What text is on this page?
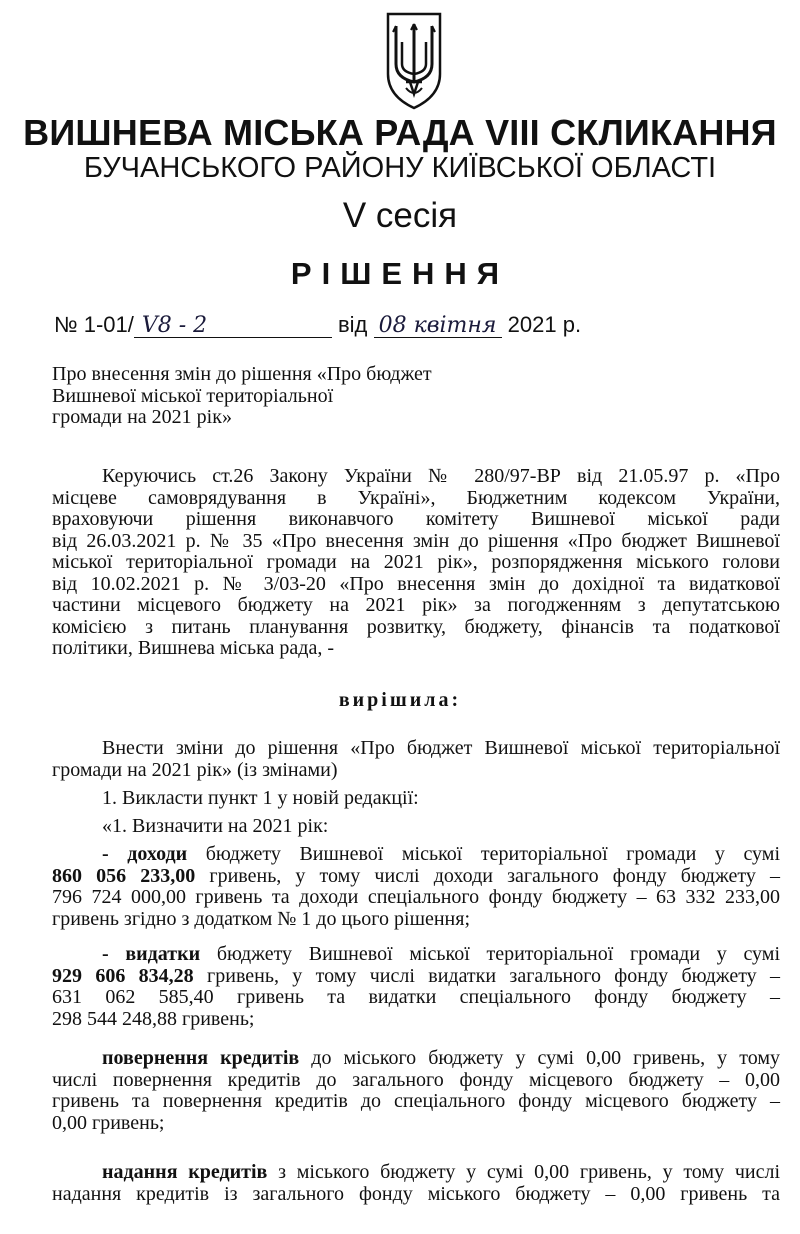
ВИШНЕВА МІСЬКА РАДА VIII СКЛИКАННЯ
БУЧАНСЬКОГО РАЙОНУ КИЇВСЬКОЇ ОБЛАСТІ
V сесія
РІШЕННЯ
№ 1-01/ V8 - 2	від 08 квітня 2021 р.
Про внесення змін до рішення «Про бюджет
Вишневої міської територіальної
громади на 2021 рік»
Керуючись ст.26 Закону України № 280/97-ВР від 21.05.97 р. «Про
місцеве самоврядування в Україні», Бюджетним кодексом України,
враховуючи рішення виконавчого комітету Вишневої міської ради
від 26.03.2021 р. № 35 «Про внесення змін до рішення «Про бюджет Вишневої
міської територіальної громади на 2021 рік», розпорядження міського голови
від 10.02.2021 р. № 3/03-20 «Про внесення змін до дохідної та видаткової
частини місцевого бюджету на 2021 рік» за погодженням з депутатською
комісією з питань планування розвитку, бюджету, фінансів та податкової
політики, Вишнева міська рада, -
вирішила:
Внести зміни до рішення «Про бюджет Вишневої міської територіальної
громади на 2021 рік» (із змінами)
1. Викласти пункт 1 у новій редакції:
«1. Визначити на 2021 рік:
- доходи бюджету Вишневої міської територіальної громади у сумі
860 056 233,00 гривень, у тому числі доходи загального фонду бюджету –
796 724 000,00 гривень та доходи спеціального фонду бюджету – 63 332 233,00
гривень згідно з додатком № 1 до цього рішення;
- видатки бюджету Вишневої міської територіальної громади у сумі
929 606 834,28 гривень, у тому числі видатки загального фонду бюджету –
631 062 585,40 гривень та видатки спеціального фонду бюджету –
298 544 248,88 гривень;
повернення кредитів до міського бюджету у сумі 0,00 гривень, у тому
числі повернення кредитів до загального фонду місцевого бюджету – 0,00
гривень та повернення кредитів до спеціального фонду місцевого бюджету –
0,00 гривень;
надання кредитів з міського бюджету у сумі 0,00 гривень, у тому числі
надання кредитів із загального фонду міського бюджету – 0,00 гривень та
